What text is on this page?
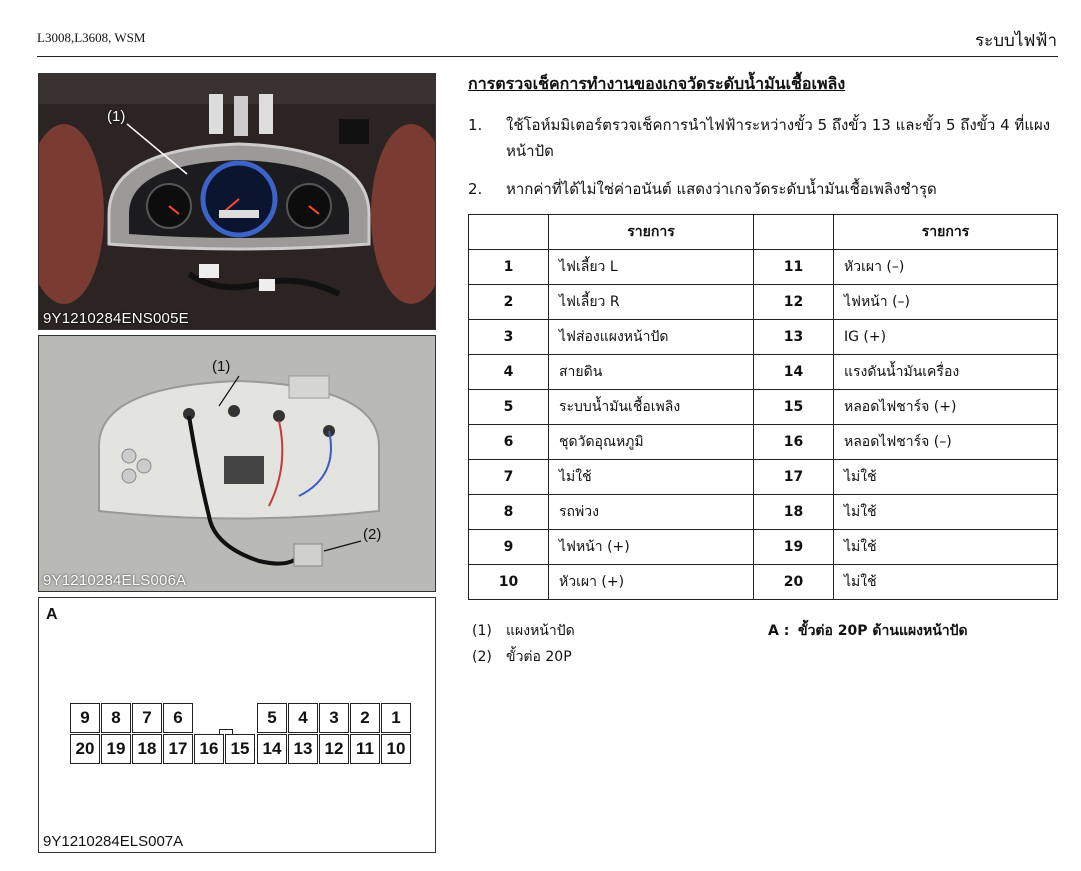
L3008,L3608, WSM	ระบบไฟฟ้า
(1)
9Y1210284ENS005E
(1)
(2)
9Y1210284ELS006A
A
9	8	7	6	5	4	3	2	1
20 19 18 17 16 15 14 13 12 11 10
9Y1210284ELS007A
การตรวจเช็คการทำงานของเกจวัดระดับน้ำมันเชื้อเพลิง
1.	ใช้โอห์มมิเตอร์ตรวจเช็คการนำไฟฟ้าระหว่างขั้ว 5 ถึงขั้ว 13 และขั้ว 5 ถึงขั้ว 4 ที่แผงหน้าปัด
2.	หากค่าที่ได้ไม่ใช่ค่าอนันต์ แสดงว่าเกจวัดระดับน้ำมันเชื้อเพลิงชำรุด
	รายการ		รายการ
1	ไฟเลี้ยว L	11	หัวเผา (–)
2	ไฟเลี้ยว R	12	ไฟหน้า (–)
3	ไฟส่องแผงหน้าปัด	13	IG (+)
4	สายดิน	14	แรงดันน้ำมันเครื่อง
5	ระบบน้ำมันเชื้อเพลิง	15	หลอดไฟชาร์จ (+)
6	ชุดวัดอุณหภูมิ	16	หลอดไฟชาร์จ (–)
7	ไม่ใช้	17	ไม่ใช้
8	รถพ่วง	18	ไม่ใช้
9	ไฟหน้า (+)	19	ไม่ใช้
10	หัวเผา (+)	20	ไม่ใช้
(1) แผงหน้าปัด
(2) ขั้วต่อ 20P
A : ขั้วต่อ 20P ด้านแผงหน้าปัด
